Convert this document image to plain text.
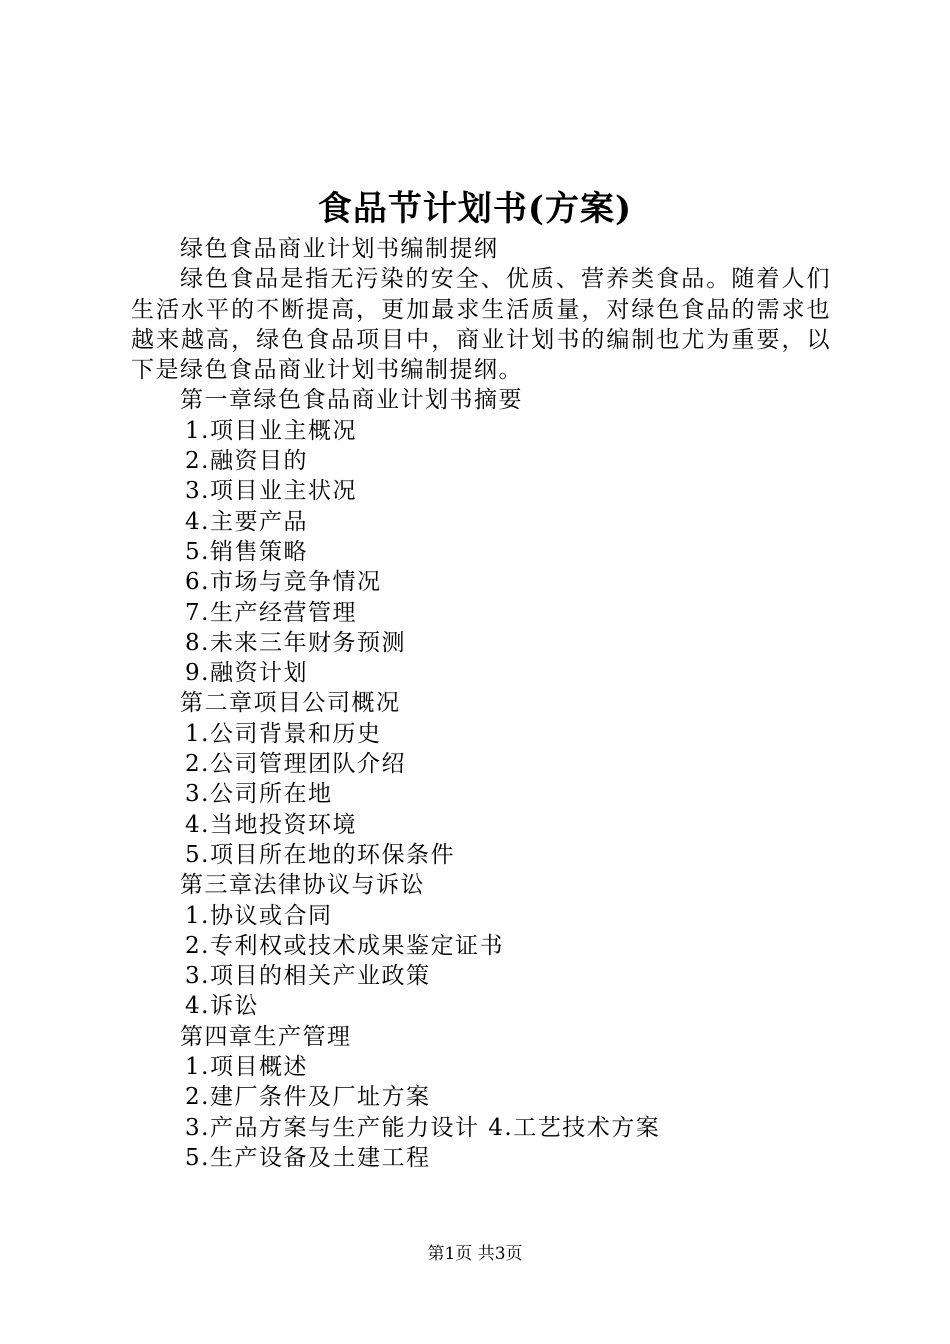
食品节计划书(方案)
绿色食品商业计划书编制提纲
绿色食品是指无污染的安全、优质、营养类食品。随着人们生活水平的不断提高，更加最求生活质量，对绿色食品的需求也越来越高，绿色食品项目中，商业计划书的编制也尤为重要，以下是绿色食品商业计划书编制提纲。
第一章绿色食品商业计划书摘要
1.项目业主概况
2.融资目的
3.项目业主状况
4.主要产品
5.销售策略
6.市场与竞争情况
7.生产经营管理
8.未来三年财务预测
9.融资计划
第二章项目公司概况
1.公司背景和历史
2.公司管理团队介绍
3.公司所在地
4.当地投资环境
5.项目所在地的环保条件
第三章法律协议与诉讼
1.协议或合同
2.专利权或技术成果鉴定证书
3.项目的相关产业政策
4.诉讼
第四章生产管理
1.项目概述
2.建厂条件及厂址方案
3.产品方案与生产能力设计 4.工艺技术方案
5.生产设备及土建工程
第1页 共3页
